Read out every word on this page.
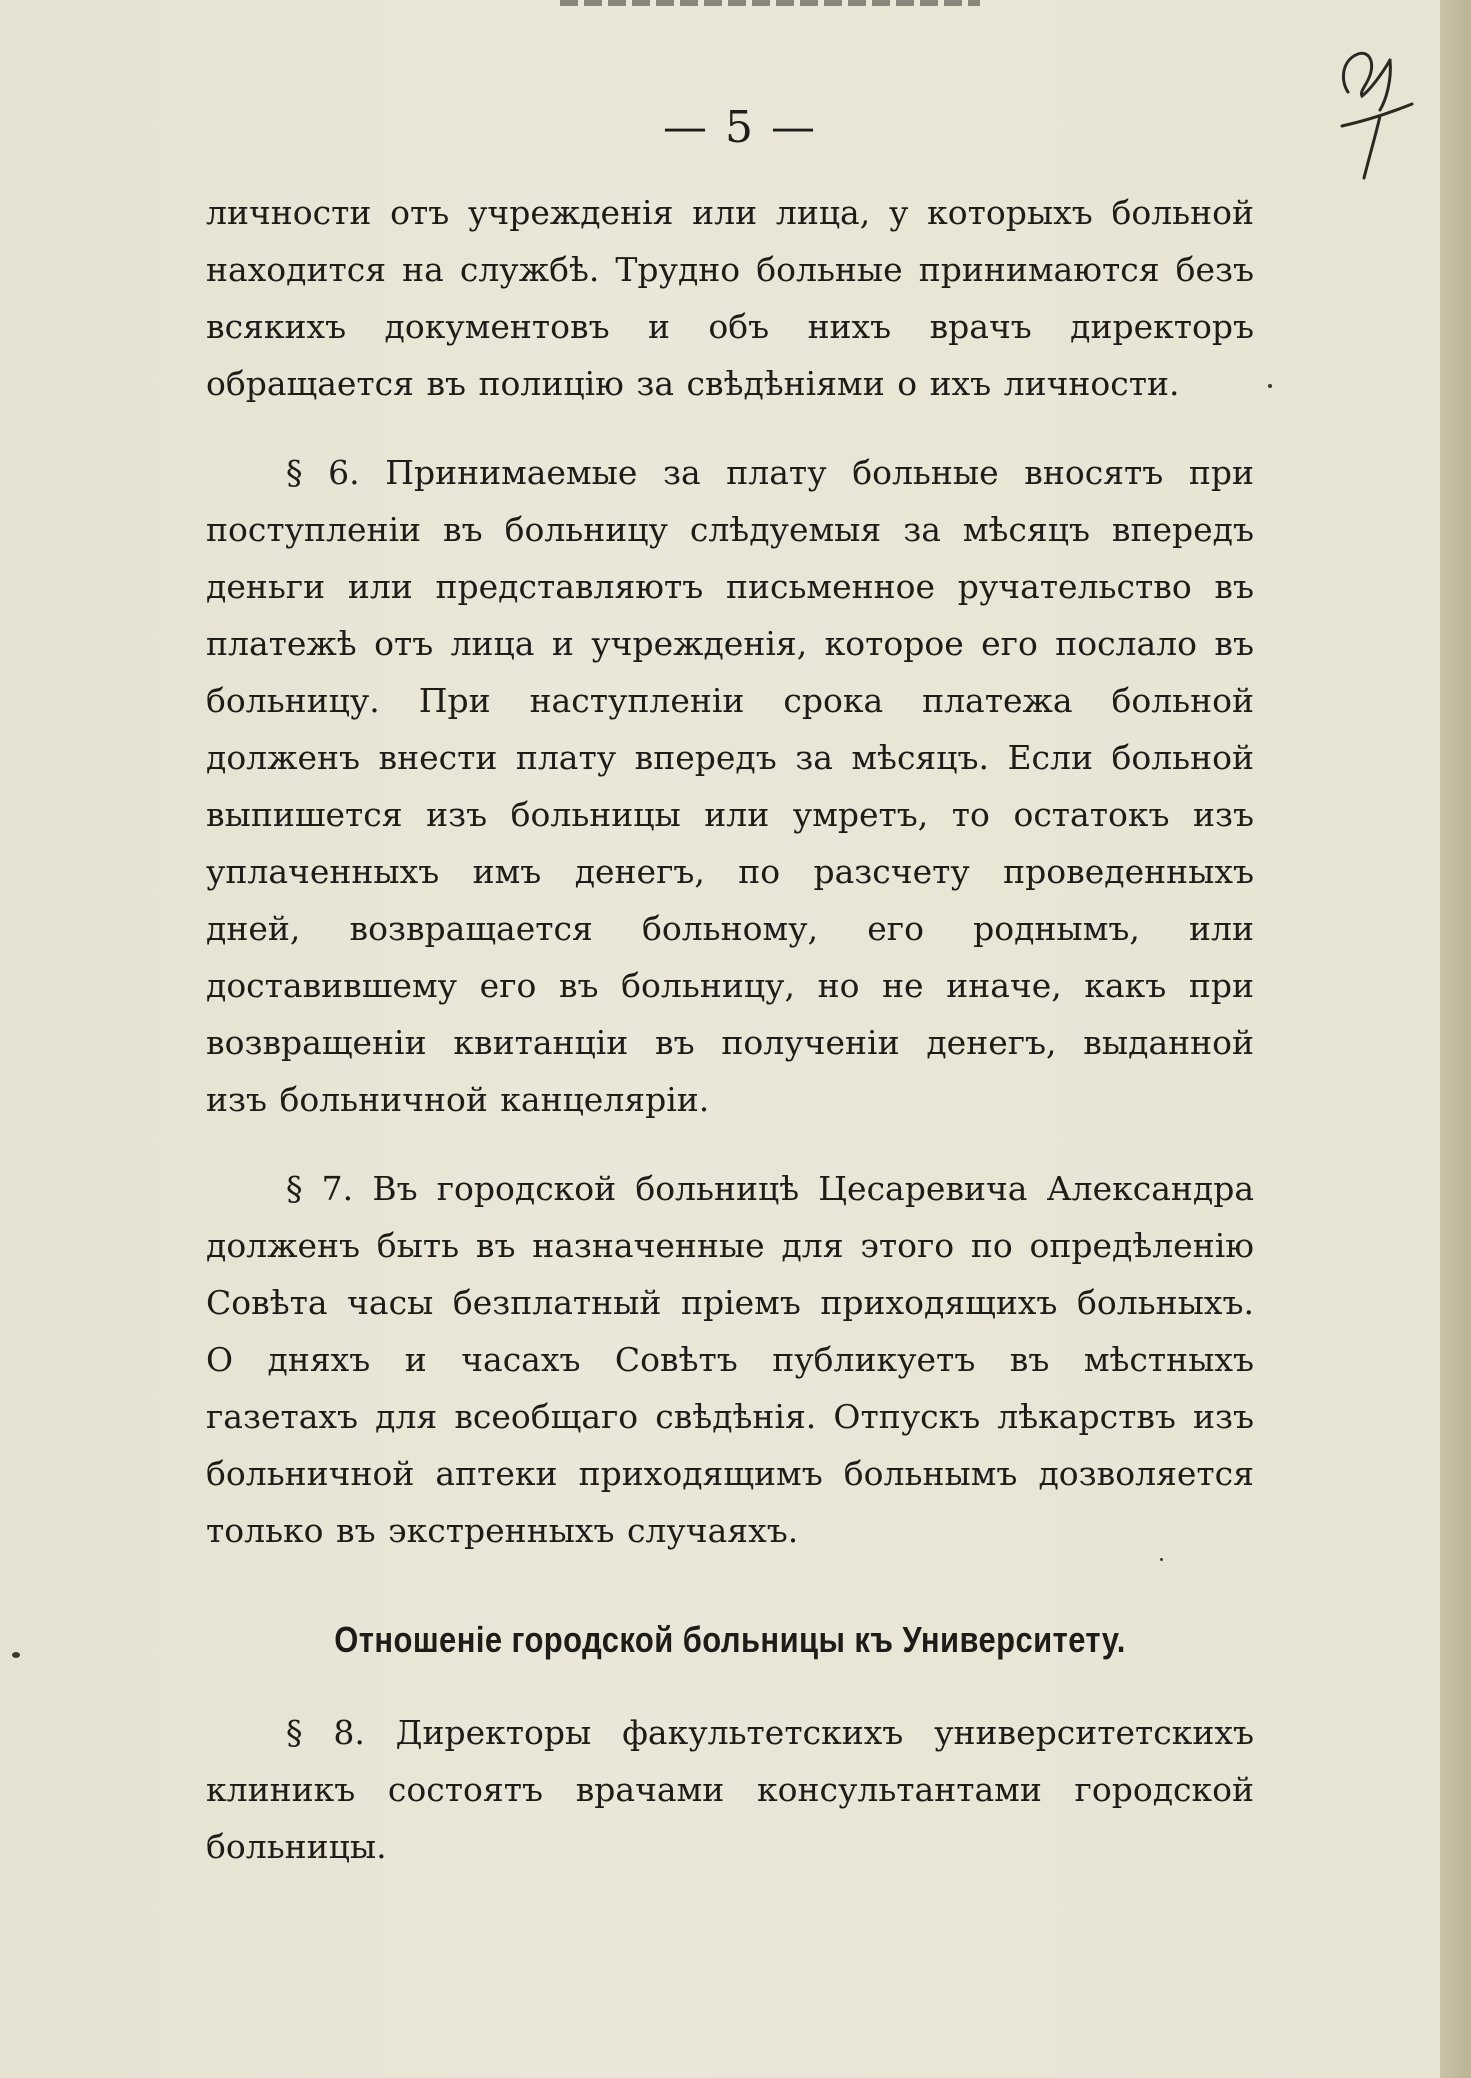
— 5 —

личности отъ учрежденія или лица, у которыхъ больной находится на службѣ. Трудно больные принимаются безъ всякихъ документовъ и объ нихъ врачъ директоръ обращается въ полицію за свѣдѣніями о ихъ личности.

§ 6. Принимаемые за плату больные вносятъ при поступленіи въ больницу слѣдуемыя за мѣсяцъ впередъ деньги или представляютъ письменное ручательство въ платежѣ отъ лица и учрежденія, которое его послало въ больницу. При наступленіи срока платежа больной долженъ внести плату впередъ за мѣсяцъ. Если больной выпишется изъ больницы или умретъ, то остатокъ изъ уплаченныхъ имъ денегъ, по разсчету проведенныхъ дней, возвращается больному, его роднымъ, или доставившему его въ больницу, но не иначе, какъ при возвращеніи квитанціи въ полученіи денегъ, выданной изъ больничной канцеляріи.

§ 7. Въ городской больницѣ Цесаревича Александра долженъ быть въ назначенные для этого по опредѣленію Совѣта часы безплатный пріемъ приходящихъ больныхъ. О дняхъ и часахъ Совѣтъ публикуетъ въ мѣстныхъ газетахъ для всеобщаго свѣдѣнія. Отпускъ лѣкарствъ изъ больничной аптеки приходящимъ больнымъ дозволяется только въ экстренныхъ случаяхъ.

Отношеніе городской больницы къ Университету.

§ 8. Директоры факультетскихъ университетскихъ клиникъ состоятъ врачами консультантами городской больницы.
